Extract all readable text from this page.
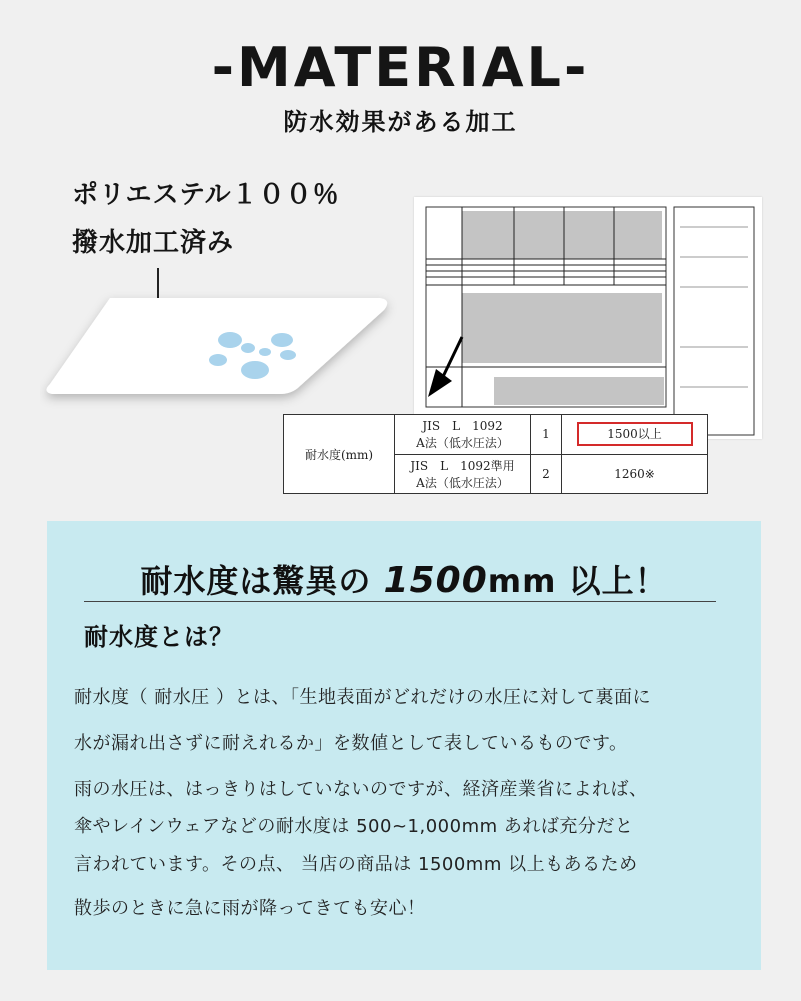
-MATERIAL-
防水効果がある加工
ポリエステル１００％
撥水加工済み
耐水度(mm)	JIS　L　1092
A法（低水圧法）	1	1500以上

	JIS　L　1092準用
A法（低水圧法）	2	1260※
耐水度は驚異の 1500mm 以上！
耐水度とは？
耐水度（ 耐水圧 ）とは、「生地表面がどれだけの水圧に対して裏面に
水が漏れ出さずに耐えれるか」を数値として表しているものです。
雨の水圧は、はっきりはしていないのですが、経済産業省によれば、
傘やレインウェアなどの耐水度は 500~1,000mm あれば充分だと
言われています。その点、 当店の商品は 1500mm 以上もあるため
散歩のときに急に雨が降ってきても安心！
